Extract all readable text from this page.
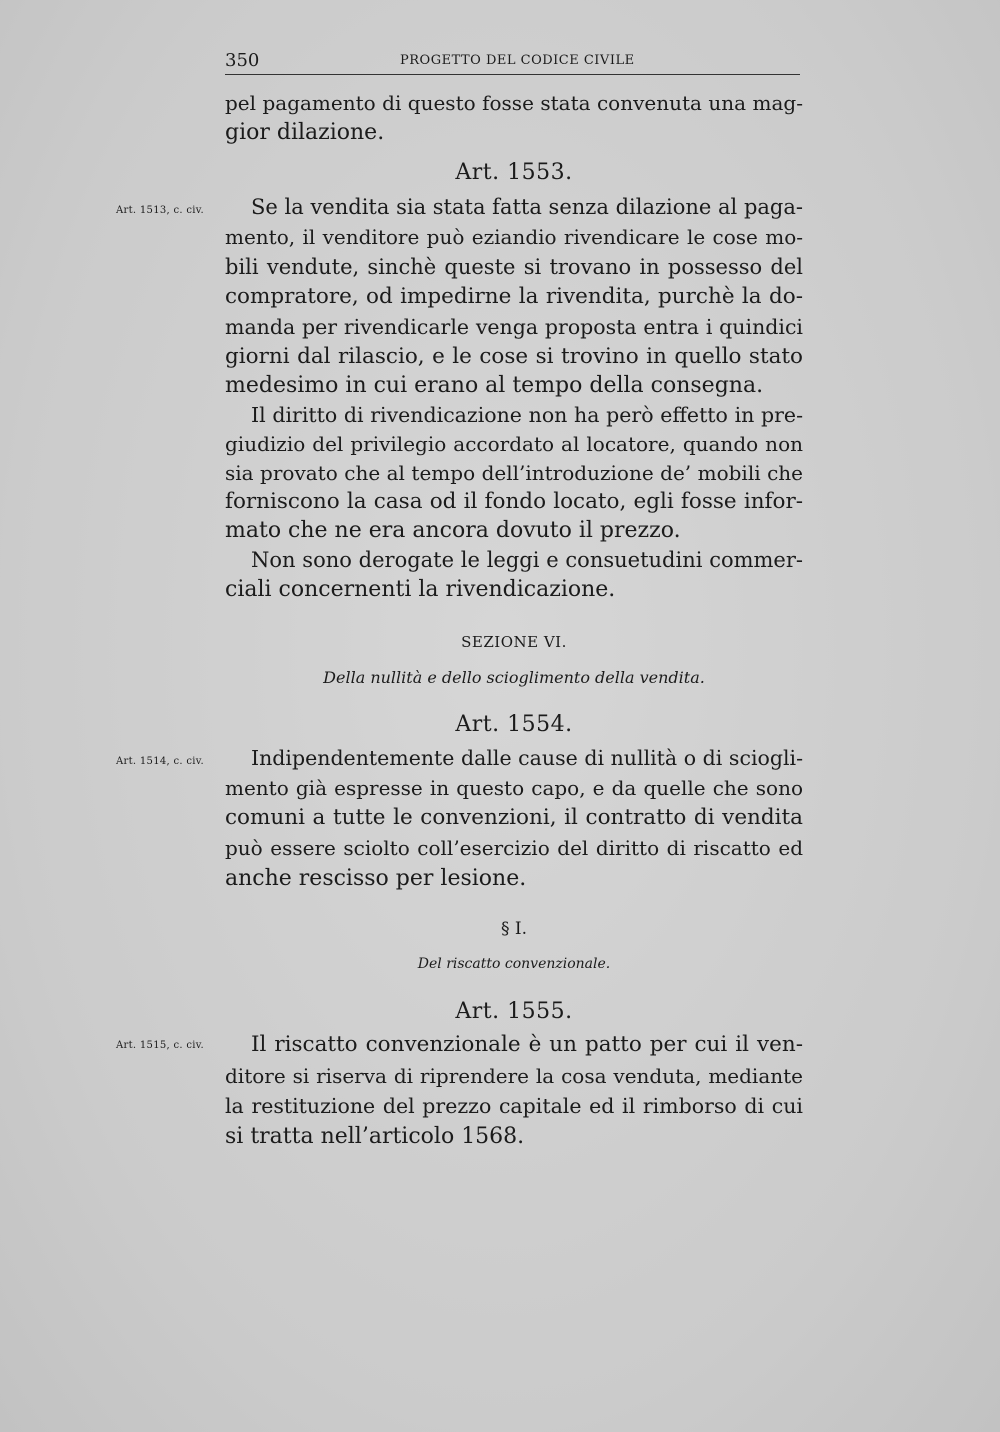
350	PROGETTO DEL CODICE CIVILE
pel pagamento di questo fosse stata convenuta una mag-
gior dilazione.
Art. 1553.
Art. 1513, c. civ. Se la vendita sia stata fatta senza dilazione al paga-
mento, il venditore può eziandio rivendicare le cose mo-
bili vendute, sinchè queste si trovano in possesso del
compratore, od impedirne la rivendita, purchè la do-
manda per rivendicarle venga proposta entra i quindici
giorni dal rilascio, e le cose si trovino in quello stato
medesimo in cui erano al tempo della consegna.
Il diritto di rivendicazione non ha però effetto in pre-
giudizio del privilegio accordato al locatore, quando non
sia provato che al tempo dell’introduzione de’ mobili che
forniscono la casa od il fondo locato, egli fosse infor-
mato che ne era ancora dovuto il prezzo.
Non sono derogate le leggi e consuetudini commer-
ciali concernenti la rivendicazione.
SEZIONE VI.
Della nullità e dello scioglimento della vendita.
Art. 1554.
Art. 1514, c. civ. Indipendentemente dalle cause di nullità o di sciogli-
mento già espresse in questo capo, e da quelle che sono
comuni a tutte le convenzioni, il contratto di vendita
può essere sciolto coll’esercizio del diritto di riscatto ed
anche rescisso per lesione.
§ I.
Del riscatto convenzionale.
Art. 1555.
Art. 1515, c. civ. Il riscatto convenzionale è un patto per cui il ven-
ditore si riserva di riprendere la cosa venduta, mediante
la restituzione del prezzo capitale ed il rimborso di cui
si tratta nell’articolo 1568.
